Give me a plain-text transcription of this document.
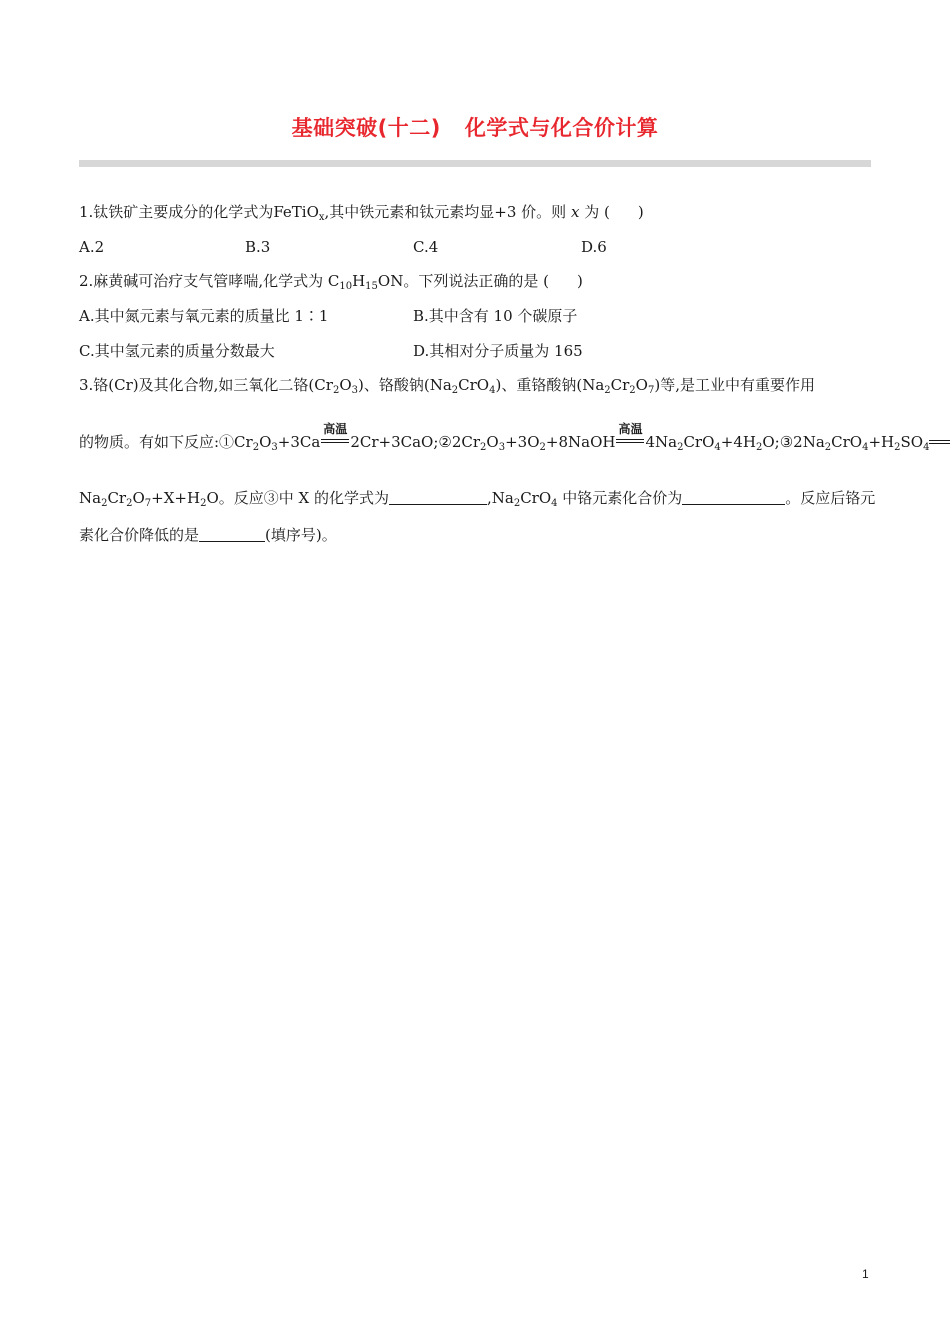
基础突破(十二) 化学式与化合价计算
1.钛铁矿主要成分的化学式为FeTiO$_x$,其中铁元素和钛元素均显+3 价。则 x 为 ( )
A.2	B.3	C.4	D.6
2.麻黄碱可治疗支气管哮喘,化学式为 $C_{10}H_{15}ON$。下列说法正确的是 ( )
A.其中氮元素与氧元素的质量比 1∶1	B.其中含有 10 个碳原子
C.其中氢元素的质量分数最大	D.其相对分子质量为 165
3.铬(Cr)及其化合物,如三氧化二铬$(Cr_2O_3)$、铬酸钠$(Na_2CrO_4)$、重铬酸钠$(Na_2Cr_2O_7)$等,是工业中有重要作用
的物质。有如下反应$:①Cr_2O_3+3Ca$
高温
$2Cr+3CaO;②2Cr_2O_3+3O_2+8NaOH$
高温
$4Na_2CrO_4+4H_2O;③2Na_2CrO_4+H_2SO_4$
$Na_2Cr_2O_7+X+H_2O$。反应③中 X 的化学式为	$,Na_2CrO_4$ 中铬元素化合价为	。反应后铬元
素化合价降低的是	(填序号)。
1
